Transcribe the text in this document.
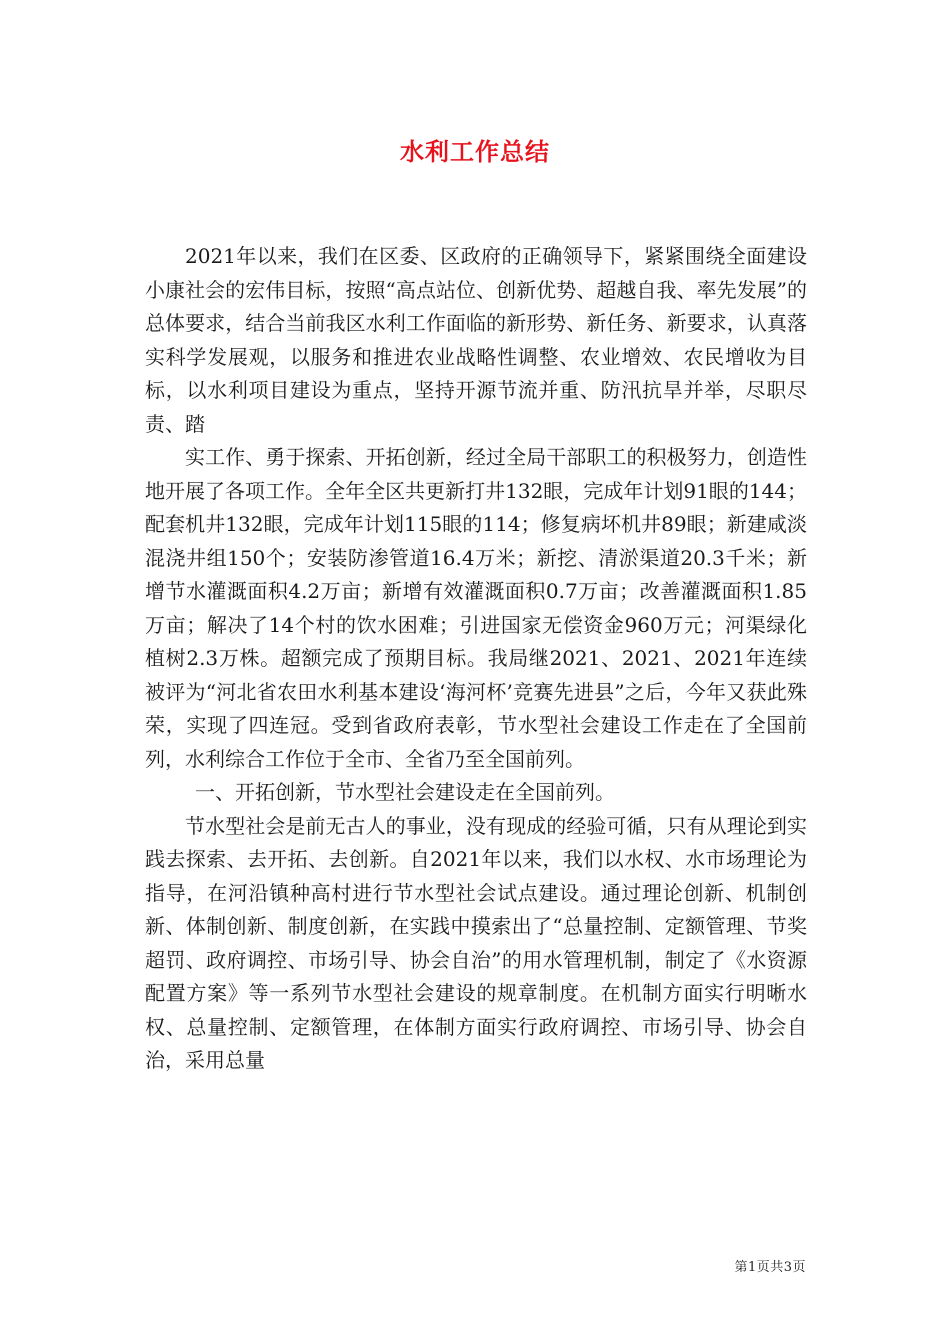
水利工作总结

2021年以来，我们在区委、区政府的正确领导下，紧紧围绕全面建设小康社会的宏伟目标，按照“高点站位、创新优势、超越自我、率先发展”的总体要求，结合当前我区水利工作面临的新形势、新任务、新要求，认真落实科学发展观，以服务和推进农业战略性调整、农业增效、农民增收为目标，以水利项目建设为重点，坚持开源节流并重、防汛抗旱并举，尽职尽责、踏

实工作、勇于探索、开拓创新，经过全局干部职工的积极努力，创造性地开展了各项工作。全年全区共更新打井132眼，完成年计划91眼的144；配套机井132眼，完成年计划115眼的114；修复病坏机井89眼；新建咸淡混浇井组150个；安装防渗管道16.4万米；新挖、清淤渠道20.3千米；新增节水灌溉面积4.2万亩；新增有效灌溉面积0.7万亩；改善灌溉面积1.85万亩；解决了14个村的饮水困难；引进国家无偿资金960万元；河渠绿化植树2.3万株。超额完成了预期目标。我局继2021、2021、2021年连续被评为“河北省农田水利基本建设‘海河杯’竞赛先进县”之后，今年又获此殊荣，实现了四连冠。受到省政府表彰，节水型社会建设工作走在了全国前列，水利综合工作位于全市、全省乃至全国前列。

一、开拓创新，节水型社会建设走在全国前列。

节水型社会是前无古人的事业，没有现成的经验可循，只有从理论到实践去探索、去开拓、去创新。自2021年以来，我们以水权、水市场理论为指导，在河沿镇种高村进行节水型社会试点建设。通过理论创新、机制创新、体制创新、制度创新，在实践中摸索出了“总量控制、定额管理、节奖超罚、政府调控、市场引导、协会自治”的用水管理机制，制定了《水资源配置方案》等一系列节水型社会建设的规章制度。在机制方面实行明晰水权、总量控制、定额管理，在体制方面实行政府调控、市场引导、协会自治，采用总量

第1页共3页
